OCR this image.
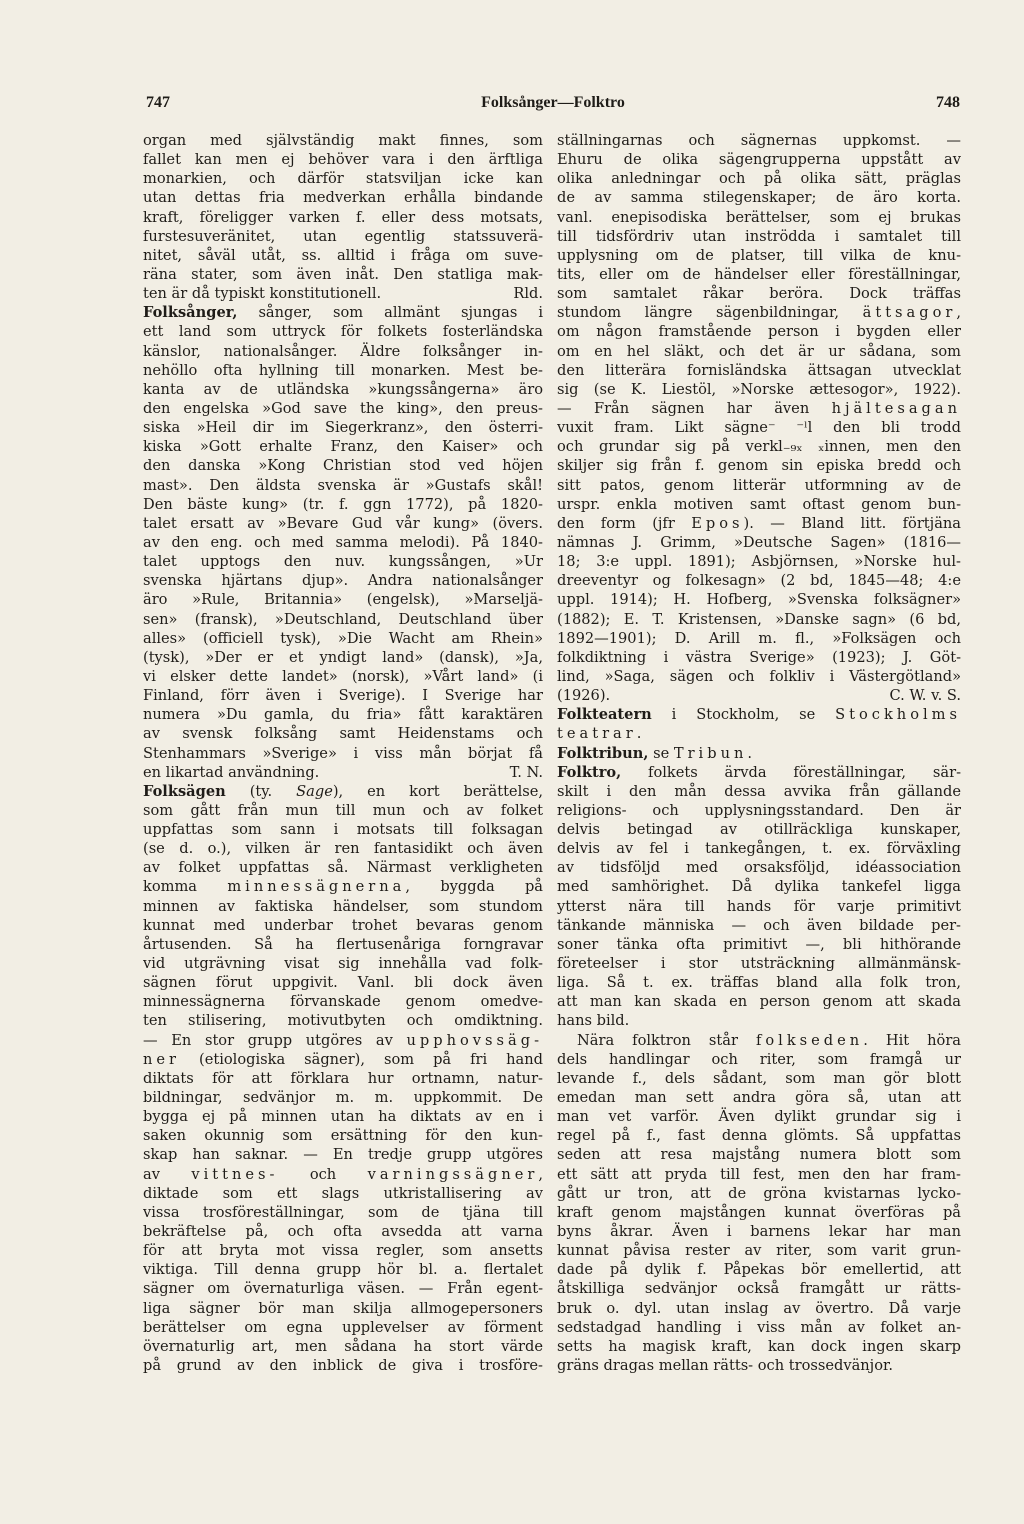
747	Folksånger—Folktro	748
organ med självständig makt finnes, som
fallet kan men ej behöver vara i den ärftliga
monarkien, och därför statsviljan icke kan
utan dettas fria medverkan erhålla bindande
kraft, föreligger varken f. eller dess motsats,
furstesuveränitet, utan egentlig statssuverä-
nitet, såväl utåt, ss. alltid i fråga om suve-
räna stater, som även inåt. Den statliga mak-
ten är då typiskt konstitutionell.	Rld.
Folksånger, sånger, som allmänt sjungas i
ett land som uttryck för folkets fosterländska
känslor, nationalsånger. Äldre folksånger in-
nehöllo ofta hyllning till monarken. Mest be-
kanta av de utländska »kungssångerna» äro
den engelska »God save the king», den preus-
siska »Heil dir im Siegerkranz», den österri-
kiska »Gott erhalte Franz, den Kaiser» och
den danska »Kong Christian stod ved höjen
mast». Den äldsta svenska är »Gustafs skål!
Den bäste kung» (tr. f. ggn 1772), på 1820-
talet ersatt av »Bevare Gud vår kung» (övers.
av den eng. och med samma melodi). På 1840-
talet upptogs den nuv. kungssången, »Ur
svenska hjärtans djup». Andra nationalsånger
äro »Rule, Britannia» (engelsk), »Marseljä-
sen» (fransk), »Deutschland, Deutschland über
alles» (officiell tysk), »Die Wacht am Rhein»
(tysk), »Der er et yndigt land» (dansk), »Ja,
vi elsker dette landet» (norsk), »Vårt land» (i
Finland, förr även i Sverige). I Sverige har
numera »Du gamla, du fria» fått karaktären
av svensk folksång samt Heidenstams och
Stenhammars »Sverige» i viss mån börjat få
en likartad användning.	T. N.
Folksägen (ty. Sage), en kort berättelse,
som gått från mun till mun och av folket
uppfattas som sann i motsats till folksagan
(se d. o.), vilken är ren fantasidikt och även
av folket uppfattas så. Närmast verkligheten
komma minnessägnerna, byggda på
minnen av faktiska händelser, som stundom
kunnat med underbar trohet bevaras genom
årtusenden. Så ha flertusenåriga forngravar
vid utgrävning visat sig innehålla vad folk-
sägnen förut uppgivit. Vanl. bli dock även
minnessägnerna förvanskade genom omedve-
ten stilisering, motivutbyten och omdiktning.
— En stor grupp utgöres av upphovssäg-
ner (etiologiska sägner), som på fri hand
diktats för att förklara hur ortnamn, natur-
bildningar, sedvänjor m. m. uppkommit. De
bygga ej på minnen utan ha diktats av en i
saken okunnig som ersättning för den kun-
skap han saknar. — En tredje grupp utgöres
av vittnes- och varningssägner,
diktade som ett slags utkristallisering av
vissa trosföreställningar, som de tjäna till
bekräftelse på, och ofta avsedda att varna
för att bryta mot vissa regler, som ansetts
viktiga. Till denna grupp hör bl. a. flertalet
sägner om övernaturliga väsen. — Från egent-
liga sägner bör man skilja allmogepersoners
berättelser om egna upplevelser av förment
övernaturlig art, men sådana ha stort värde
på grund av den inblick de giva i trosföre-
ställningarnas och sägnernas uppkomst. —
Ehuru de olika sägengrupperna uppstått av
olika anledningar och på olika sätt, präglas
de av samma stilegenskaper; de äro korta.
vanl. enepisodiska berättelser, som ej brukas
till tidsfördriv utan inströdda i samtalet till
upplysning om de platser, till vilka de knu-
tits, eller om de händelser eller föreställningar,
som samtalet råkar beröra. Dock träffas
stundom längre sägenbildningar, ättsagor,
om någon framstående person i bygden eller
om en hel släkt, och det är ur sådana, som
den litterära fornisländska ättsagan utvecklat
sig (se K. Liestöl, »Norske ættesogor», 1922).
— Från sägnen har även hjältesagan
vuxit fram. Likt sägne⁻ ⁻ˡl den bli trodd
och grundar sig på verkl₋₉ₓ ₓinnen, men den
skiljer sig från f. genom sin episka bredd och
sitt patos, genom litterär utformning av de
urspr. enkla motiven samt oftast genom bun-
den form (jfr Epos). — Bland litt. förtjäna
nämnas J. Grimm, »Deutsche Sagen» (1816—
18; 3:e uppl. 1891); Asbjörnsen, »Norske hul-
dreeventyr og folkesagn» (2 bd, 1845—48; 4:e
uppl. 1914); H. Hofberg, »Svenska folksägner»
(1882); E. T. Kristensen, »Danske sagn» (6 bd,
1892—1901); D. Arill m. fl., »Folksägen och
folkdiktning i västra Sverige» (1923); J. Göt-
lind, »Saga, sägen och folkliv i Västergötland»
(1926).	C. W. v. S.
Folkteatern i Stockholm, se Stockholms
teatrar.
Folktribun, se Tribun.
Folktro, folkets ärvda föreställningar, sär-
skilt i den mån dessa avvika från gällande
religions- och upplysningsstandard. Den är
delvis betingad av otillräckliga kunskaper,
delvis av fel i tankegången, t. ex. förväxling
av tidsföljd med orsaksföljd, idéassociation
med samhörighet. Då dylika tankefel ligga
ytterst nära till hands för varje primitivt
tänkande människa — och även bildade per-
soner tänka ofta primitivt —, bli hithörande
företeelser i stor utsträckning allmänmänsk-
liga. Så t. ex. träffas bland alla folk tron,
att man kan skada en person genom att skada
hans bild.
Nära folktron står folkseden. Hit höra
dels handlingar och riter, som framgå ur
levande f., dels sådant, som man gör blott
emedan man sett andra göra så, utan att
man vet varför. Även dylikt grundar sig i
regel på f., fast denna glömts. Så uppfattas
seden att resa majstång numera blott som
ett sätt att pryda till fest, men den har fram-
gått ur tron, att de gröna kvistarnas lycko-
kraft genom majstången kunnat överföras på
byns åkrar. Även i barnens lekar har man
kunnat påvisa rester av riter, som varit grun-
dade på dylik f. Påpekas bör emellertid, att
åtskilliga sedvänjor också framgått ur rätts-
bruk o. dyl. utan inslag av övertro. Då varje
sedstadgad handling i viss mån av folket an-
setts ha magisk kraft, kan dock ingen skarp
gräns dragas mellan rätts- och trossedvänjor.
